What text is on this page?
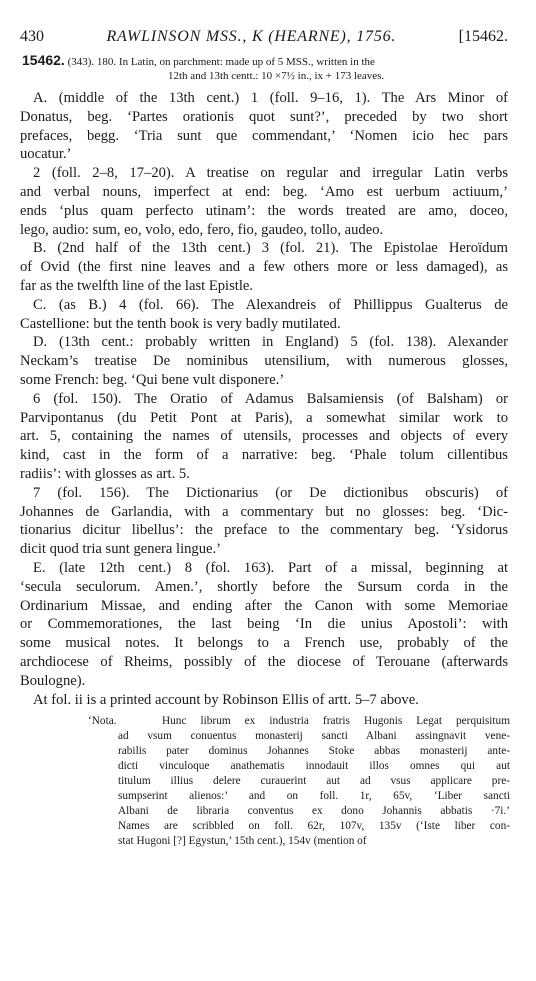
430	RAWLINSON MSS., K (HEARNE), 1756.	[15462.
15462. (343). 180. In Latin, on parchment: made up of 5 MSS., written in the
12th and 13th centt.: 10 ×7½ in., ix + 173 leaves.

A. (middle of the 13th cent.) 1 (foll. 9–16, 1). The Ars Minor of
Donatus, beg. ‘Partes orationis quot sunt?’, preceded by two short
prefaces, begg. ‘Tria sunt que commendant,’ ‘Nomen icio hec pars
uocatur.’

2 (foll. 2–8, 17–20). A treatise on regular and irregular Latin verbs
and verbal nouns, imperfect at end: beg. ‘Amo est uerbum actiuum,’
ends ‘plus quam perfecto utinam’: the words treated are amo, doceo,
lego, audio: sum, eo, volo, edo, fero, fio, gaudeo, tollo, audeo.

B. (2nd half of the 13th cent.) 3 (fol. 21). The Epistolae Heroïdum
of Ovid (the first nine leaves and a few others more or less damaged), as
far as the twelfth line of the last Epistle.

C. (as B.) 4 (fol. 66). The Alexandreis of Phillippus Gualterus de
Castellione: but the tenth book is very badly mutilated.

D. (13th cent.: probably written in England) 5 (fol. 138). Alexander
Neckam’s treatise De nominibus utensilium, with numerous glosses,
some French: beg. ‘Qui bene vult disponere.’

6 (fol. 150). The Oratio of Adamus Balsamiensis (of Balsham) or
Parvipontanus (du Petit Pont at Paris), a somewhat similar work to
art. 5, containing the names of utensils, processes and objects of every
kind, cast in the form of a narrative: beg. ‘Phale tolum cillentibus
radiis’: with glosses as art. 5.

7 (fol. 156). The Dictionarius (or De dictionibus obscuris) of
Johannes de Garlandia, with a commentary but no glosses: beg. ‘Dic-
tionarius dicitur libellus’: the preface to the commentary beg. ‘Ysidorus
dicit quod tria sunt genera lingue.’

E. (late 12th cent.) 8 (fol. 163). Part of a missal, beginning at
‘secula seculorum. Amen.’, shortly before the Sursum corda in the
Ordinarium Missae, and ending after the Canon with some Memoriae
or Commemorationes, the last being ‘In die unius Apostoli’: with
some musical notes. It belongs to a French use, probably of the
archdiocese of Rheims, possibly of the diocese of Terouane (afterwards
Boulogne).

At fol. ii is a printed account by Robinson Ellis of artt. 5–7 above.

‘Nota.	Hunc librum ex industria fratris Hugonis Legat perquisitum
ad vsum conuentus monasterij sancti Albani assingnavit vene-
rabilis pater dominus Johannes Stoke abbas monasterij ante-
dicti vinculoque anathematis innodauit illos omnes qui aut
titulum illius delere curauerint aut ad vsus applicare pre-
sumpserint alienos:’ and on foll. 1r, 65v, ‘Liber sancti
Albani de libraria conventus ex dono Johannis abbatis ·7i.’
Names are scribbled on foll. 62r, 107v, 135v (‘Iste liber con-
stat Hugoni [?] Egystun,’ 15th cent.), 154v (mention of
